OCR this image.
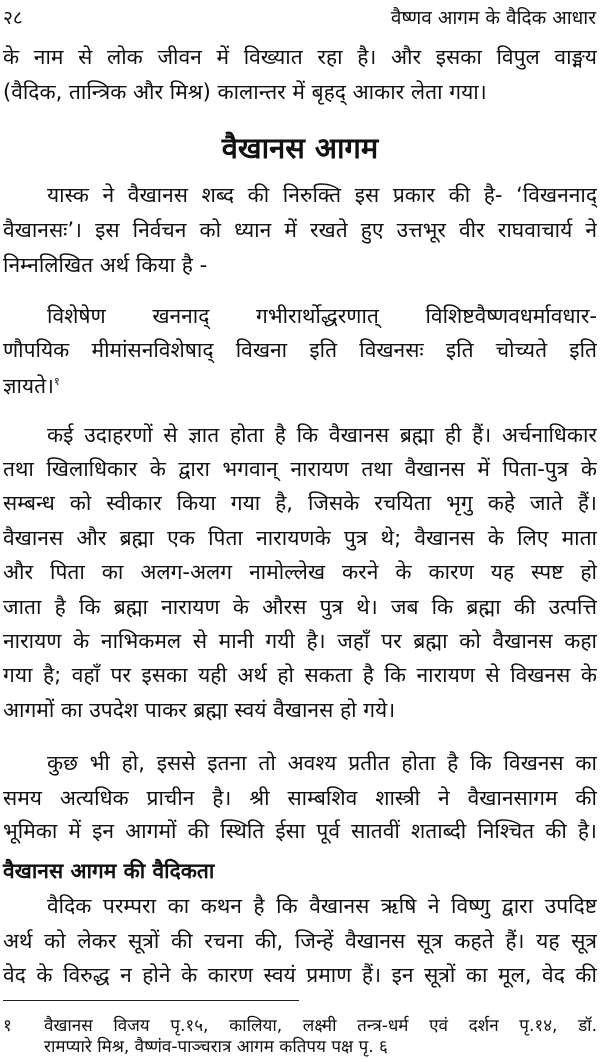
२८	वैष्णव आगम के वैदिक आधार
के नाम से लोक जीवन में विख्यात रहा है। और इसका विपुल वाङ्मय
(वैदिक, तान्त्रिक और मिश्र) कालान्तर में बृहद् आकार लेता गया।
वैखानस आगम
यास्क ने वैखानस शब्द की निरुक्ति इस प्रकार की है- ‘विखननाद्
वैखानसः’। इस निर्वचन को ध्यान में रखते हुए उत्तभूर वीर राघवाचार्य ने
निम्नलिखित अर्थ किया है -
विशेषेण खननाद् गभीरार्थोद्धरणात् विशिष्टवैष्णवधर्मावधार-
णौपयिक मीमांसनविशेषाद् विखना इति विखनसः इति चोच्यते इति
ज्ञायते।$^१$
कई उदाहरणों से ज्ञात होता है कि वैखानस ब्रह्मा ही हैं। अर्चनाधिकार
तथा खिलाधिकार के द्वारा भगवान् नारायण तथा वैखानस में पिता-पुत्र के
सम्बन्ध को स्वीकार किया गया है, जिसके रचयिता भृगु कहे जाते हैं।
वैखानस और ब्रह्मा एक पिता नारायणके पुत्र थे; वैखानस के लिए माता
और पिता का अलग-अलग नामोल्लेख करने के कारण यह स्पष्ट हो
जाता है कि ब्रह्मा नारायण के औरस पुत्र थे। जब कि ब्रह्मा की उत्पत्ति
नारायण के नाभिकमल से मानी गयी है। जहाँ पर ब्रह्मा को वैखानस कहा
गया है; वहाँ पर इसका यही अर्थ हो सकता है कि नारायण से विखनस के
आगमों का उपदेश पाकर ब्रह्मा स्वयं वैखानस हो गये।
कुछ भी हो, इससे इतना तो अवश्य प्रतीत होता है कि विखनस का
समय अत्यधिक प्राचीन है। श्री साम्बशिव शास्त्री ने वैखानसागम की
भूमिका में इन आगमों की स्थिति ईसा पूर्व सातवीं शताब्दी निश्चित की है।
वैखानस आगम की वैदिकता
वैदिक परम्परा का कथन है कि वैखानस ऋषि ने विष्णु द्वारा उपदिष्ट
अर्थ को लेकर सूत्रों की रचना की, जिन्हें वैखानस सूत्र कहते हैं। यह सूत्र
वेद के विरुद्ध न होने के कारण स्वयं प्रमाण हैं। इन सूत्रों का मूल, वेद की
१	वैखानस विजय पृ.१५, कालिया, लक्ष्मी तन्त्र-धर्म एवं दर्शन पृ.१४, डॉ.
रामप्यारे मिश्र, वैष्णंव-पाञ्चरात्र आगम कतिपय पक्ष पृ. ६
